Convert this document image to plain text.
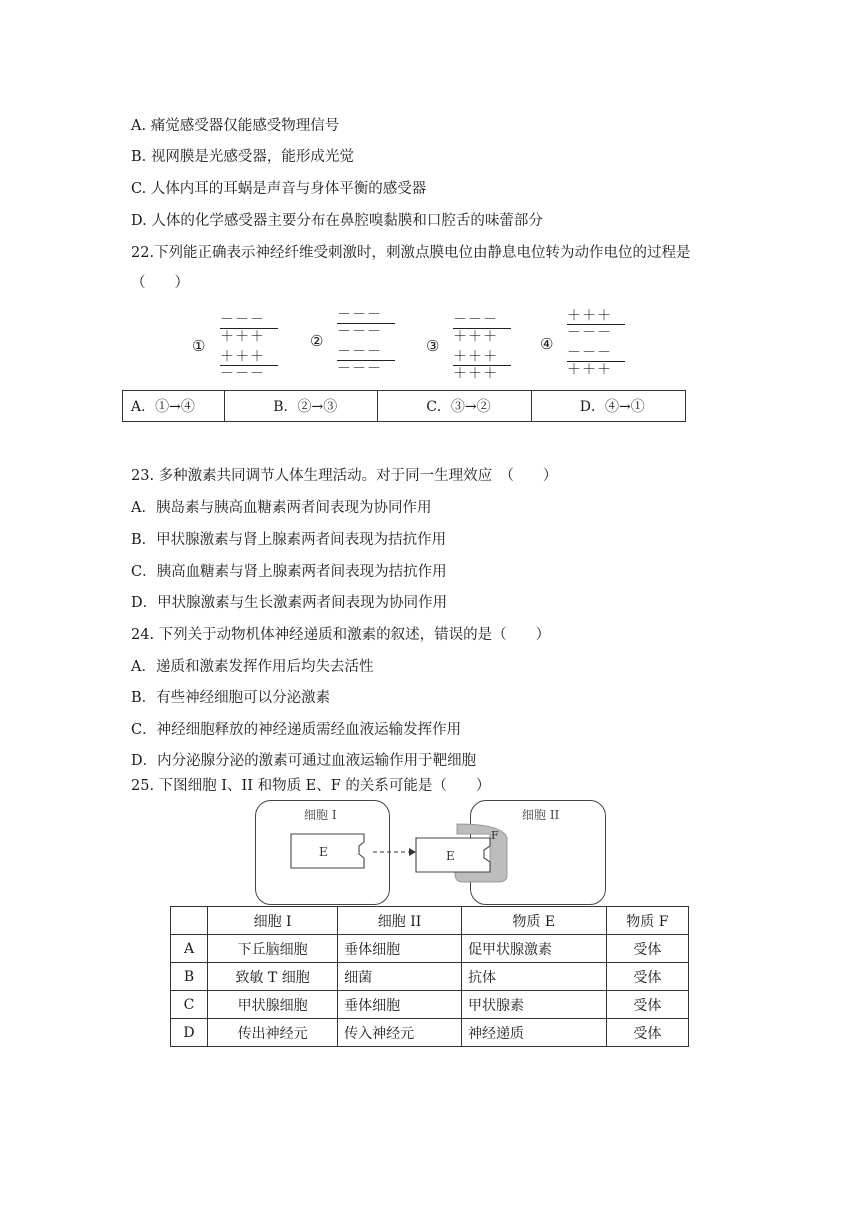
A. 痛觉感受器仅能感受物理信号
B. 视网膜是光感受器，能形成光觉
C. 人体内耳的耳蜗是声音与身体平衡的感受器
D. 人体的化学感受器主要分布在鼻腔嗅黏膜和口腔舌的味蕾部分
22.下列能正确表示神经纤维受刺激时，刺激点膜电位由静息电位转为动作电位的过程是
（　　）
①
－－－
＋＋＋
＋＋＋
－－－
②
－－－
－－－
－－－
－－－
③
－－－
＋＋＋
＋＋＋
＋＋＋
④
＋＋＋
－－－
－－－
＋＋＋
A．①→④	B．②→③	C．③→②	D．④→①
23. 多种激素共同调节人体生理活动。对于同一生理效应　（　　）
A．胰岛素与胰高血糖素两者间表现为协同作用
B．甲状腺激素与肾上腺素两者间表现为拮抗作用
C．胰高血糖素与肾上腺素两者间表现为拮抗作用
D．甲状腺激素与生长激素两者间表现为协同作用
24. 下列关于动物机体神经递质和激素的叙述，错误的是（　　）
A．递质和激素发挥作用后均失去活性
B．有些神经细胞可以分泌激素
C．神经细胞释放的神经递质需经血液运输发挥作用
D．内分泌腺分泌的激素可通过血液运输作用于靶细胞
25. 下图细胞 I、II 和物质 E、F 的关系可能是（　　）
细胞 I	细胞 II
E	E
F
	细胞 I	细胞 II	物质 E	物质 F
A	下丘脑细胞	垂体细胞	促甲状腺激素	受体
B	致敏 T 细胞	细菌	抗体	受体
C	甲状腺细胞	垂体细胞	甲状腺素	受体
D	传出神经元	传入神经元	神经递质	受体
